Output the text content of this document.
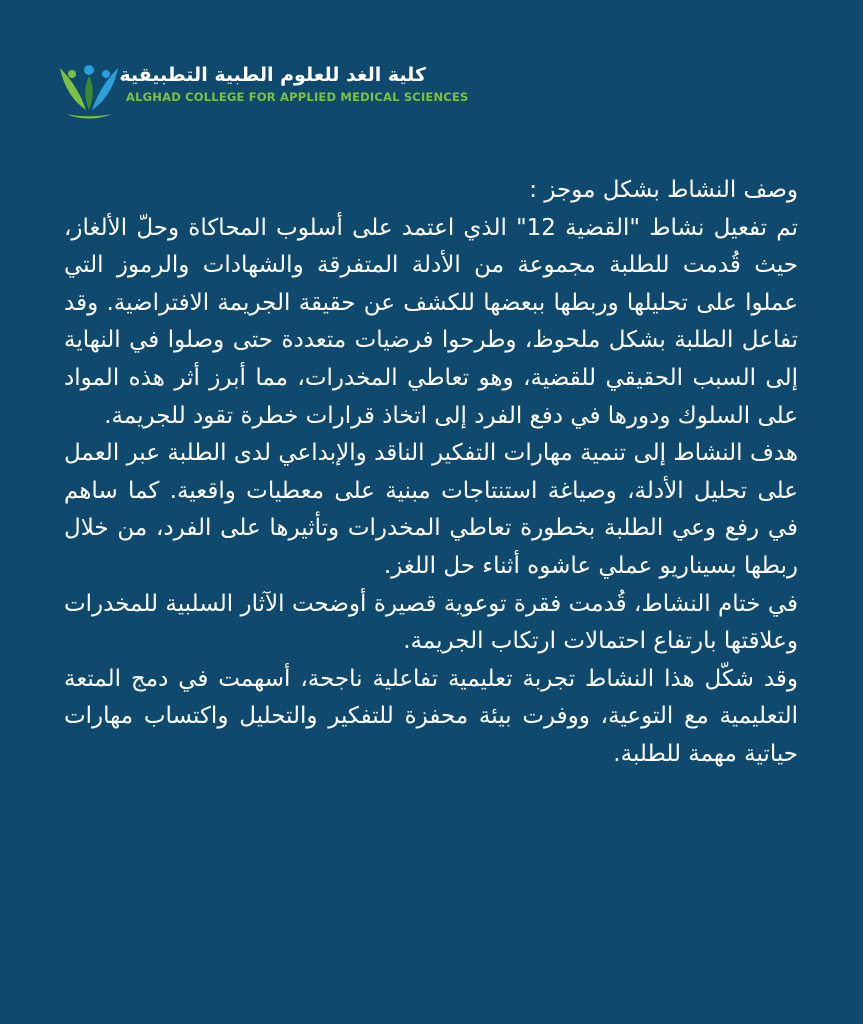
كلية الغد للعلوم الطبية التطبيقية
ALGHAD COLLEGE FOR APPLIED MEDICAL SCIENCES

وصف النشاط بشكل موجز :

تم تفعيل نشاط "القضية 12" الذي اعتمد على أسلوب المحاكاة وحلّ الألغاز، حيث قُدمت للطلبة مجموعة من الأدلة المتفرقة والشهادات والرموز التي عملوا على تحليلها وربطها ببعضها للكشف عن حقيقة الجريمة الافتراضية. وقد تفاعل الطلبة بشكل ملحوظ، وطرحوا فرضيات متعددة حتى وصلوا في النهاية إلى السبب الحقيقي للقضية، وهو تعاطي المخدرات، مما أبرز أثر هذه المواد على السلوك ودورها في دفع الفرد إلى اتخاذ قرارات خطرة تقود للجريمة.

هدف النشاط إلى تنمية مهارات التفكير الناقد والإبداعي لدى الطلبة عبر العمل على تحليل الأدلة، وصياغة استنتاجات مبنية على معطيات واقعية. كما ساهم في رفع وعي الطلبة بخطورة تعاطي المخدرات وتأثيرها على الفرد، من خلال ربطها بسيناريو عملي عاشوه أثناء حل اللغز.

في ختام النشاط، قُدمت فقرة توعوية قصيرة أوضحت الآثار السلبية للمخدرات وعلاقتها بارتفاع احتمالات ارتكاب الجريمة.

وقد شكّل هذا النشاط تجربة تعليمية تفاعلية ناجحة، أسهمت في دمج المتعة التعليمية مع التوعية، ووفرت بيئة محفزة للتفكير والتحليل واكتساب مهارات حياتية مهمة للطلبة.
